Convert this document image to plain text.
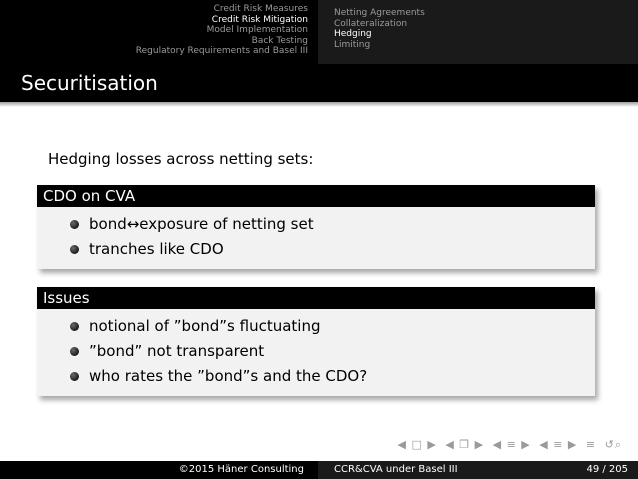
Credit Risk Measures
Credit Risk Mitigation
Model Implementation
Back Testing
Regulatory Requirements and Basel III
Netting Agreements
Collateralization
Hedging
Limiting
Securitisation
Hedging losses across netting sets:
CDO on CVA
bond↔exposure of netting set
tranches like CDO
Issues
notional of ”bond”s fluctuating
”bond” not transparent
who rates the ”bond”s and the CDO?
◀ □ ▶ ◀ ❐ ▶ ◀ ≡ ▶ ◀ ≡ ▶ ≡ ↺⌕
©2015 Häner Consulting	CCR&CVA under Basel III	49 / 205
